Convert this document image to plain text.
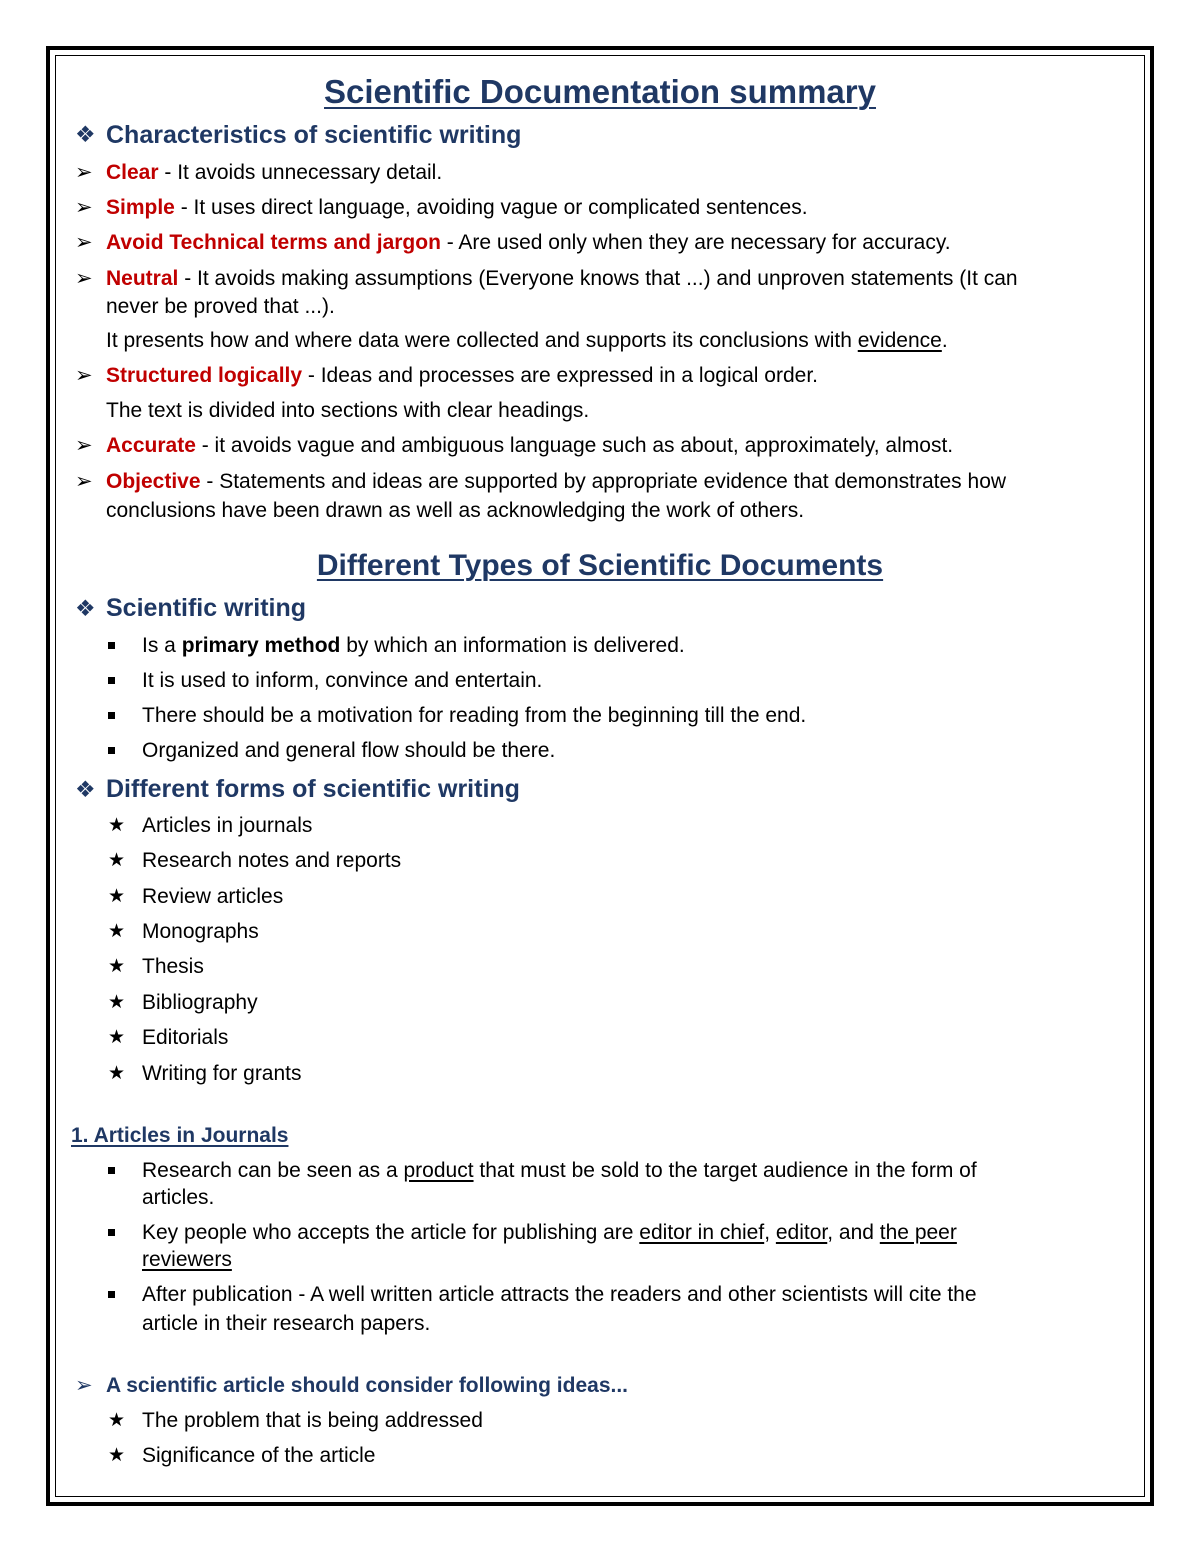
Scientific Documentation summary
❖ Characteristics of scientific writing
➢ Clear - It avoids unnecessary detail.
➢ Simple - It uses direct language, avoiding vague or complicated sentences.
➢ Avoid Technical terms and jargon - Are used only when they are necessary for accuracy.
➢ Neutral - It avoids making assumptions (Everyone knows that ...) and unproven statements (It can
never be proved that ...).
It presents how and where data were collected and supports its conclusions with evidence.
➢ Structured logically - Ideas and processes are expressed in a logical order.
The text is divided into sections with clear headings.
➢ Accurate - it avoids vague and ambiguous language such as about, approximately, almost.
➢ Objective - Statements and ideas are supported by appropriate evidence that demonstrates how
conclusions have been drawn as well as acknowledging the work of others.
Different Types of Scientific Documents
❖ Scientific writing
Is a primary method by which an information is delivered.
It is used to inform, convince and entertain.
There should be a motivation for reading from the beginning till the end.
Organized and general flow should be there.
❖ Different forms of scientific writing
★ Articles in journals
★ Research notes and reports
★ Review articles
★ Monographs
★ Thesis
★ Bibliography
★ Editorials
★ Writing for grants
1. Articles in Journals
Research can be seen as a product that must be sold to the target audience in the form of
articles.
Key people who accepts the article for publishing are editor in chief, editor, and the peer
reviewers
After publication - A well written article attracts the readers and other scientists will cite the
article in their research papers.
➢ A scientific article should consider following ideas...
★ The problem that is being addressed
★ Significance of the article
